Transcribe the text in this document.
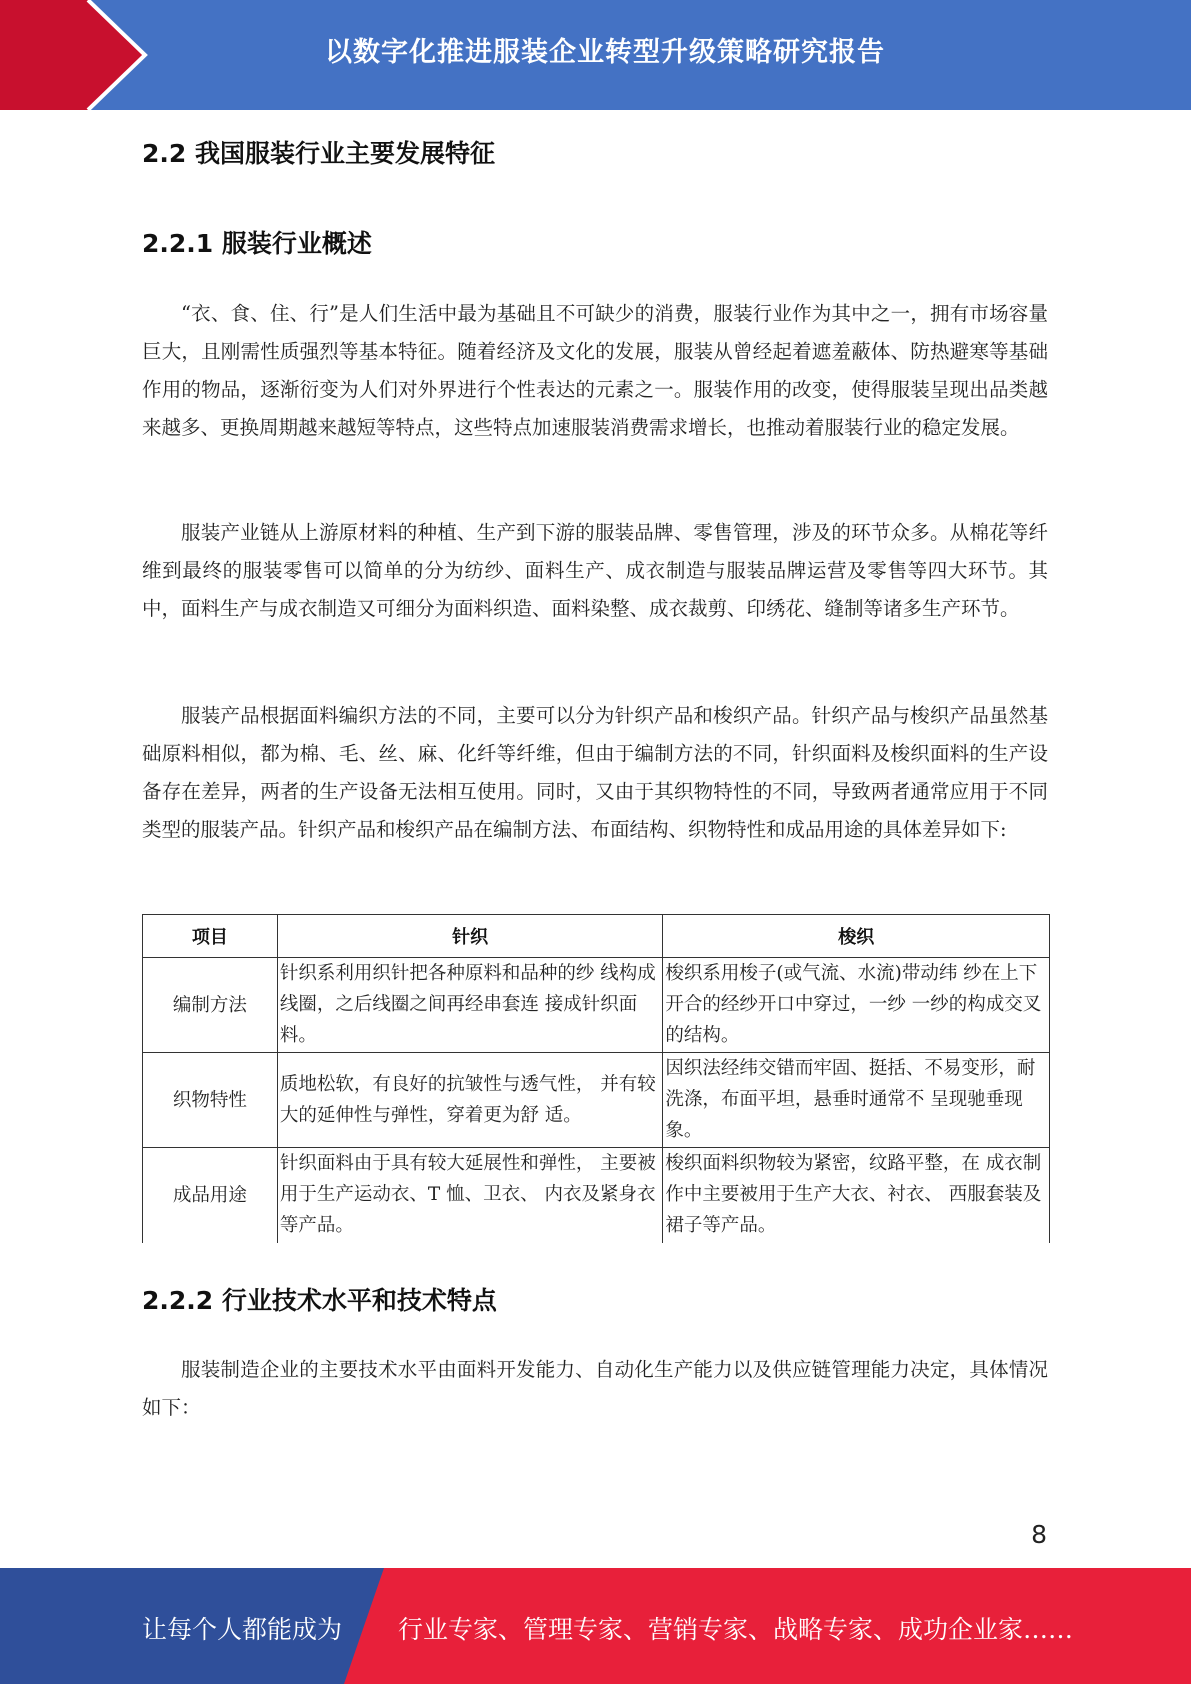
以数字化推进服装企业转型升级策略研究报告
2.2 我国服装行业主要发展特征
2.2.1 服装行业概述

“衣、食、住、行”是人们生活中最为基础且不可缺少的消费，服装行业作为其中之一，拥有市场容量巨大，且刚需性质强烈等基本特征。随着经济及文化的发展，服装从曾经起着遮羞蔽体、防热避寒等基础作用的物品，逐渐衍变为人们对外界进行个性表达的元素之一。服装作用的改变，使得服装呈现出品类越来越多、更换周期越来越短等特点，这些特点加速服装消费需求增长，也推动着服装行业的稳定发展。

服装产业链从上游原材料的种植、生产到下游的服装品牌、零售管理，涉及的环节众多。从棉花等纤维到最终的服装零售可以简单的分为纺纱、面料生产、成衣制造与服装品牌运营及零售等四大环节。其中，面料生产与成衣制造又可细分为面料织造、面料染整、成衣裁剪、印绣花、缝制等诸多生产环节。

服装产品根据面料编织方法的不同，主要可以分为针织产品和梭织产品。针织产品与梭织产品虽然基础原料相似，都为棉、毛、丝、麻、化纤等纤维，但由于编制方法的不同，针织面料及梭织面料的生产设备存在差异，两者的生产设备无法相互使用。同时，又由于其织物特性的不同，导致两者通常应用于不同类型的服装产品。针织产品和梭织产品在编制方法、布面结构、织物特性和成品用途的具体差异如下:

项目	针织	梭织
编制方法	针织系利用织针把各种原料和品种的纱 线构成线圈，之后线圈之间再经串套连 接成针织面料。	梭织系用梭子(或气流、水流)带动纬 纱在上下开合的经纱开口中穿过，一纱 一纱的构成交叉的结构。
织物特性	质地松软，有良好的抗皱性与透气性， 并有较大的延伸性与弹性，穿着更为舒 适。	因织法经纬交错而牢固、挺括、不易变形，耐洗涤，布面平坦，悬垂时通常不 呈现驰垂现象。
成品用途	针织面料由于具有较大延展性和弹性， 主要被用于生产运动衣、T 恤、卫衣、 内衣及紧身衣等产品。	梭织面料织物较为紧密，纹路平整，在 成衣制作中主要被用于生产大衣、衬衣、 西服套装及裙子等产品。
2.2.2 行业技术水平和技术特点

服装制造企业的主要技术水平由面料开发能力、自动化生产能力以及供应链管理能力决定，具体情况如下：

8
让每个人都能成为 行业专家、管理专家、营销专家、战略专家、成功企业家……
